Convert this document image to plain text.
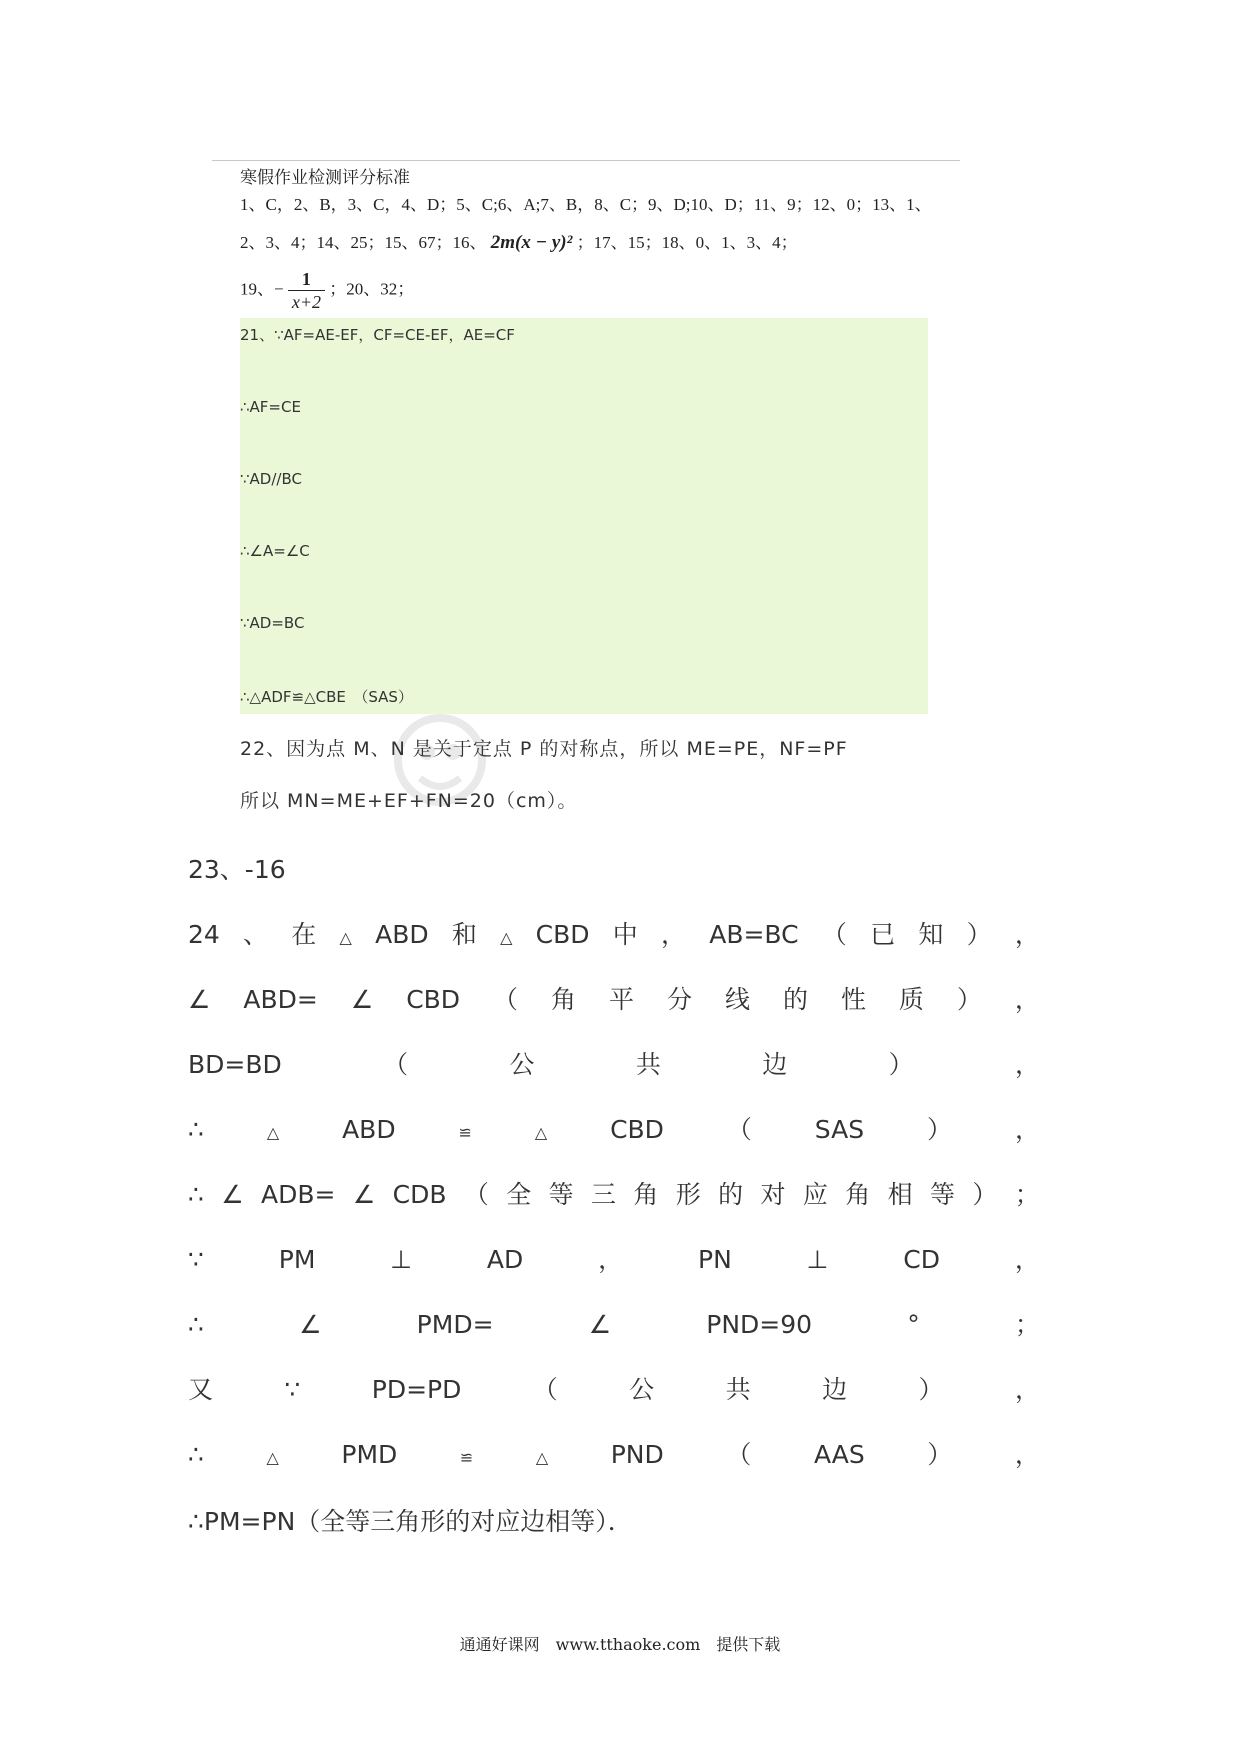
寒假作业检测评分标准
1、C，2、B，3、C，4、D；5、C;6、A;7、B，8、C；9、D;10、D；11、9；12、0；13、1、
2、3、4；14、25；15、67；16、 2m(x − y)² ；17、15；18、0、1、3、4；
19、− $\frac{1}{x+2}$ ；20、32；
21、∵AF=AE-EF，CF=CE-EF，AE=CF
∴AF=CE
∵AD//BC
∴∠A=∠C
∵AD=BC
∴△ADF≌△CBE　（SAS）
22、因为点 M、N 是关于定点 P 的对称点，所以 ME=PE，NF=PF
所以 MN=ME+EF+FN=20（cm）。
23、-16
24 、 在 △ ABD 和 △ CBD 中 ， AB=BC （ 已 知 ） ，
∠ ABD= ∠ CBD （ 角 平 分 线 的 性 质 ） ，
BD=BD	（	公	共	边	）	，
∴	△	ABD	≌	△	CBD	（	SAS	）	，
∴ ∠ ADB= ∠ CDB （ 全 等 三 角 形 的 对 应 角 相 等 ） ；
∵	PM	⊥	AD	，	PN	⊥	CD	，
∴	∠	PMD=	∠	PND=90	°	；
又	∵	PD=PD	（	公	共	边	）	，
∴	△	PMD	≌	△	PND	（	AAS	）	，
∴PM=PN（全等三角形的对应边相等）．
通通好课网　www.tthaoke.com　提供下载
